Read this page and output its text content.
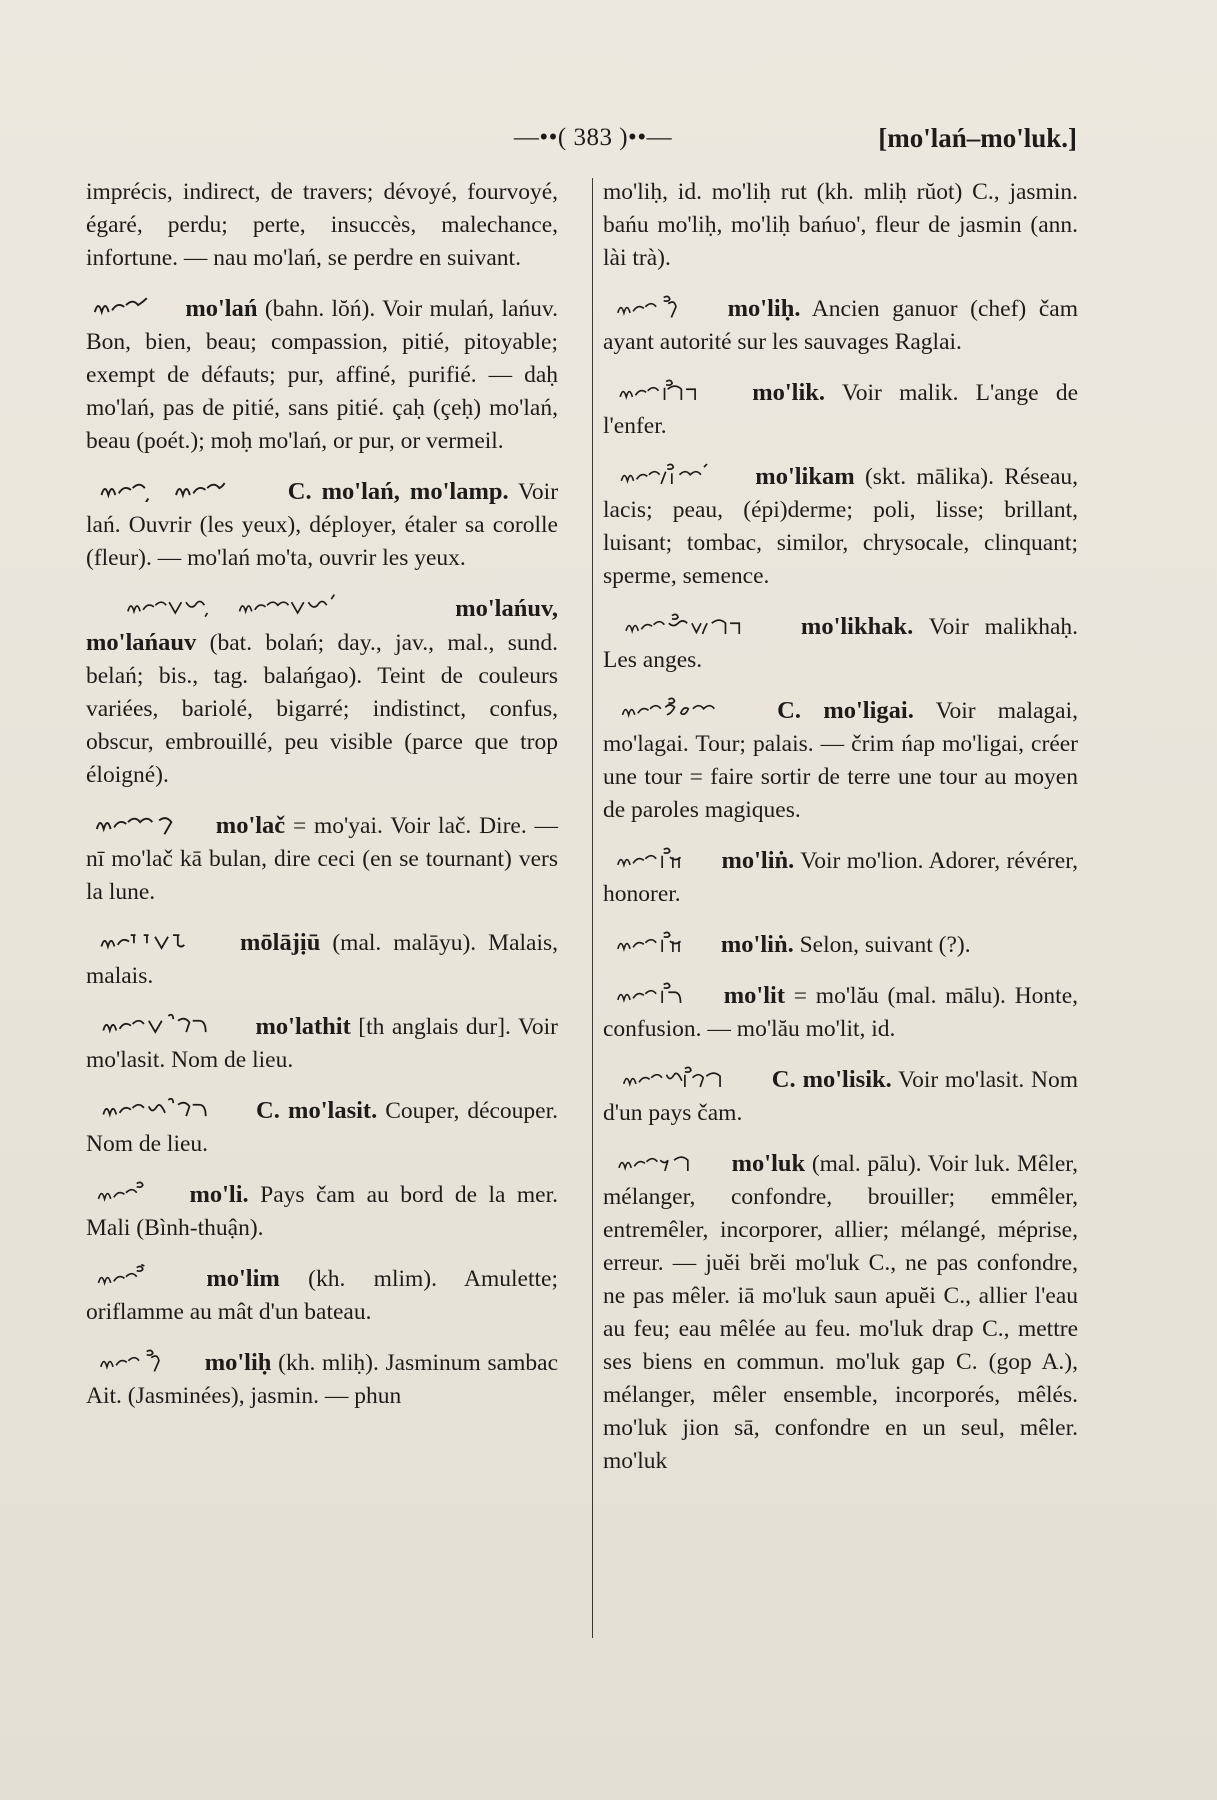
—••( 383 )••—	[mo'lań–mo'luk.]

imprécis, indirect, de travers; dévoyé, fourvoyé, égaré, perdu; perte, insuccès, malechance, infortune. — nau mo'lań, se perdre en suivant.

mo'lań (bahn. lŏń). Voir mulań, lańuv. Bon, bien, beau; compassion, pitié, pitoyable; exempt de défauts; pur, affiné, purifié. — daḥ mo'lań, pas de pitié, sans pitié. çaḥ (çeḥ) mo'lań, beau (poét.); moḥ mo'lań, or pur, or vermeil.

C. mo'lań, mo'lamp. Voir lań. Ouvrir (les yeux), déployer, étaler sa corolle (fleur). — mo'lań mo'ta, ouvrir les yeux.

mo'lańuv, mo'lańauv (bat. bolań; day., jav., mal., sund. belań; bis., tag. balańgao). Teint de couleurs variées, bariolé, bigarré; indistinct, confus, obscur, embrouillé, peu visible (parce que trop éloigné).

mo'lač = mo'yai. Voir lač. Dire. — nī mo'lač kā bulan, dire ceci (en se tournant) vers la lune.

mōlājịū (mal. malāyu). Malais, malais.

mo'lathit [th anglais dur]. Voir mo'lasit. Nom de lieu.

C. mo'lasit. Couper, découper. Nom de lieu.

mo'li. Pays čam au bord de la mer. Mali (Bình-thuận).

mo'lim (kh. mlim). Amulette; oriflamme au mât d'un bateau.

mo'liḥ (kh. mliḥ). Jasminum sambac Ait. (Jasminées), jasmin. — phun

mo'liḥ, id. mo'liḥ rut (kh. mliḥ rŭot) C., jasmin. bańu mo'liḥ, mo'liḥ bańuo', fleur de jasmin (ann. lài trà).

mo'liḥ. Ancien ganuor (chef) čam ayant autorité sur les sauvages Raglai.

mo'lik. Voir malik. L'ange de l'enfer.

mo'likam (skt. mālika). Réseau, lacis; peau, (épi)derme; poli, lisse; brillant, luisant; tombac, similor, chrysocale, clinquant; sperme, semence.

mo'likhak. Voir malikhaḥ. Les anges.

C. mo'ligai. Voir malagai, mo'lagai. Tour; palais. — črim ńap mo'ligai, créer une tour = faire sortir de terre une tour au moyen de paroles magiques.

mo'liṅ. Voir mo'lion. Adorer, révérer, honorer.

mo'liṅ. Selon, suivant (?).

mo'lit = mo'lău (mal. mālu). Honte, confusion. — mo'lău mo'lit, id.

C. mo'lisik. Voir mo'lasit. Nom d'un pays čam.

mo'luk (mal. pālu). Voir luk. Mêler, mélanger, confondre, brouiller; emmêler, entremêler, incorporer, allier; mélangé, méprise, erreur. — juĕi brĕi mo'luk C., ne pas confondre, ne pas mêler. iā mo'luk saun apuĕi C., allier l'eau au feu; eau mêlée au feu. mo'luk drap C., mettre ses biens en commun. mo'luk gap C. (gop A.), mélanger, mêler ensemble, incorporés, mêlés. mo'luk jion sā, confondre en un seul, mêler. mo'luk
